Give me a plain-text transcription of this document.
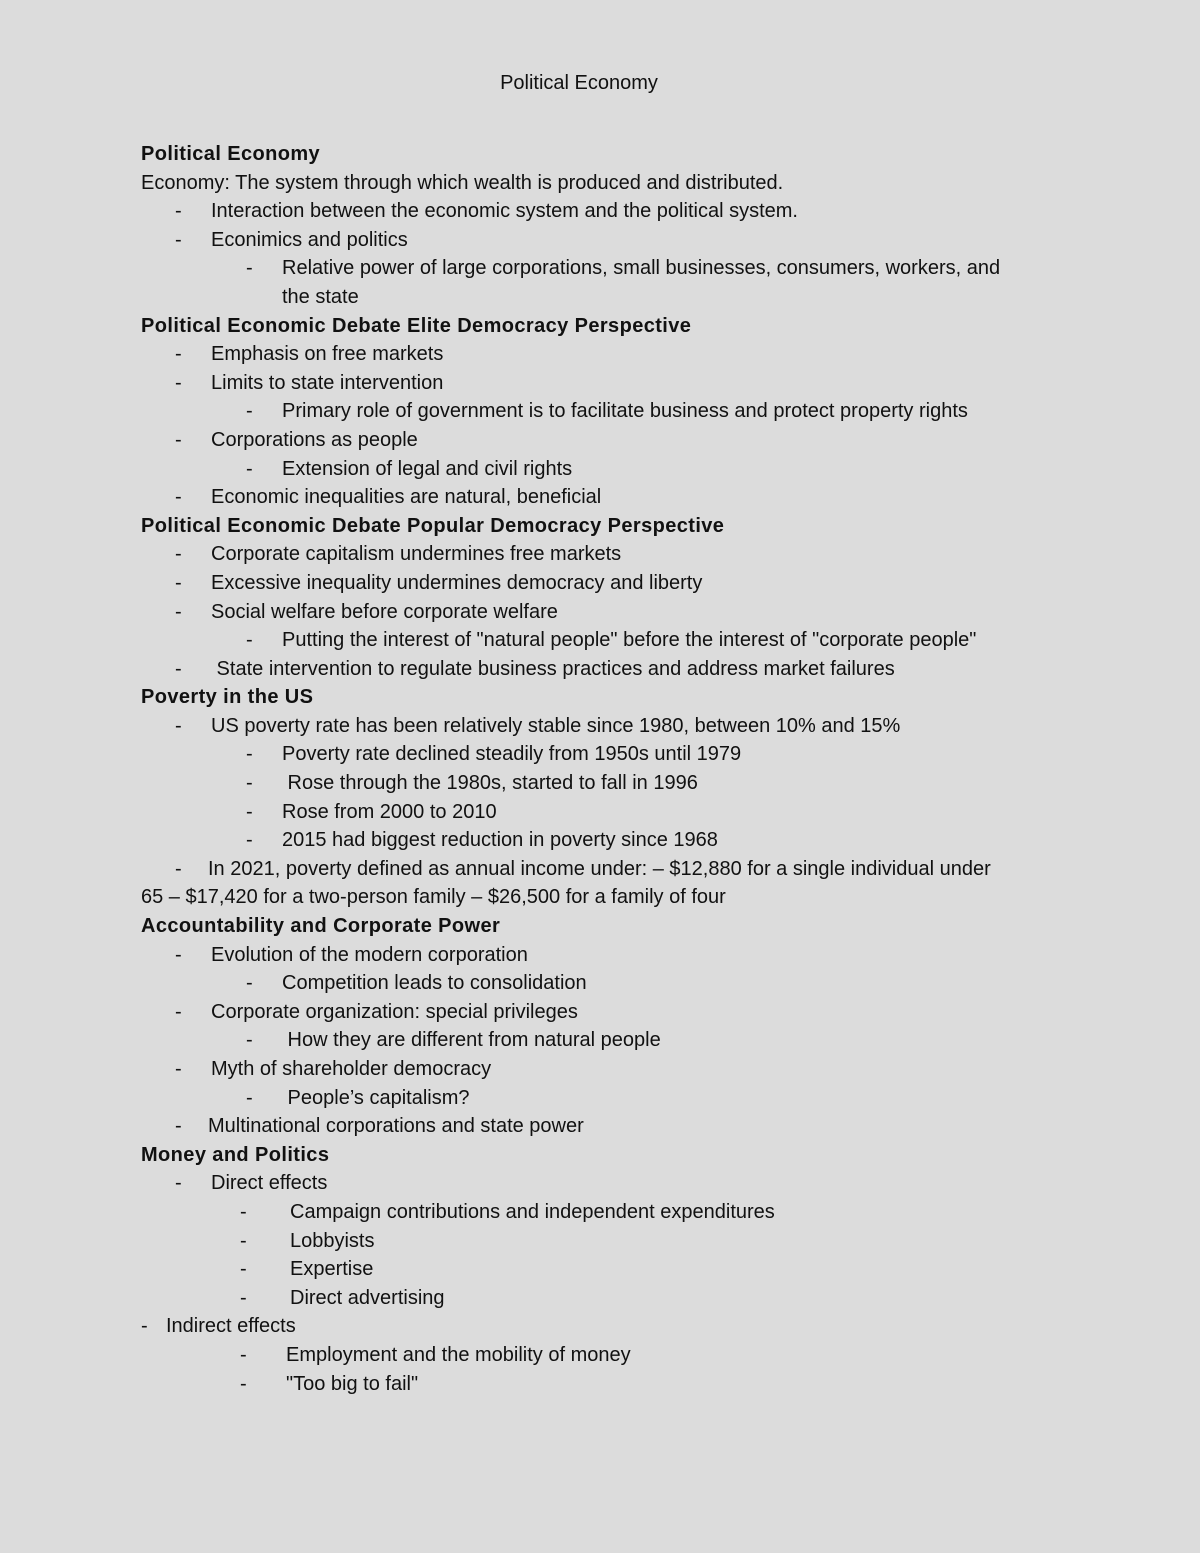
Political Economy
Political Economy
Economy: The system through which wealth is produced and distributed.
- Interaction between the economic system and the political system.
- Econimics and politics
- Relative power of large corporations, small businesses, consumers, workers, and
the state
Political Economic Debate Elite Democracy Perspective
- Emphasis on free markets
- Limits to state intervention
- Primary role of government is to facilitate business and protect property rights
- Corporations as people
- Extension of legal and civil rights
- Economic inequalities are natural, beneficial
Political Economic Debate Popular Democracy Perspective
- Corporate capitalism undermines free markets
- Excessive inequality undermines democracy and liberty
- Social welfare before corporate welfare
- Putting the interest of "natural people" before the interest of "corporate people"
- State intervention to regulate business practices and address market failures
Poverty in the US
- US poverty rate has been relatively stable since 1980, between 10% and 15%
- Poverty rate declined steadily from 1950s until 1979
- Rose through the 1980s, started to fall in 1996
- Rose from 2000 to 2010
- 2015 had biggest reduction in poverty since 1968
- In 2021, poverty defined as annual income under: – $12,880 for a single individual under
65 – $17,420 for a two-person family – $26,500 for a family of four
Accountability and Corporate Power
- Evolution of the modern corporation
- Competition leads to consolidation
- Corporate organization: special privileges
- How they are different from natural people
- Myth of shareholder democracy
- People’s capitalism?
- Multinational corporations and state power
Money and Politics
- Direct effects
- Campaign contributions and independent expenditures
- Lobbyists
- Expertise
- Direct advertising
- Indirect effects
- Employment and the mobility of money
- "Too big to fail"
